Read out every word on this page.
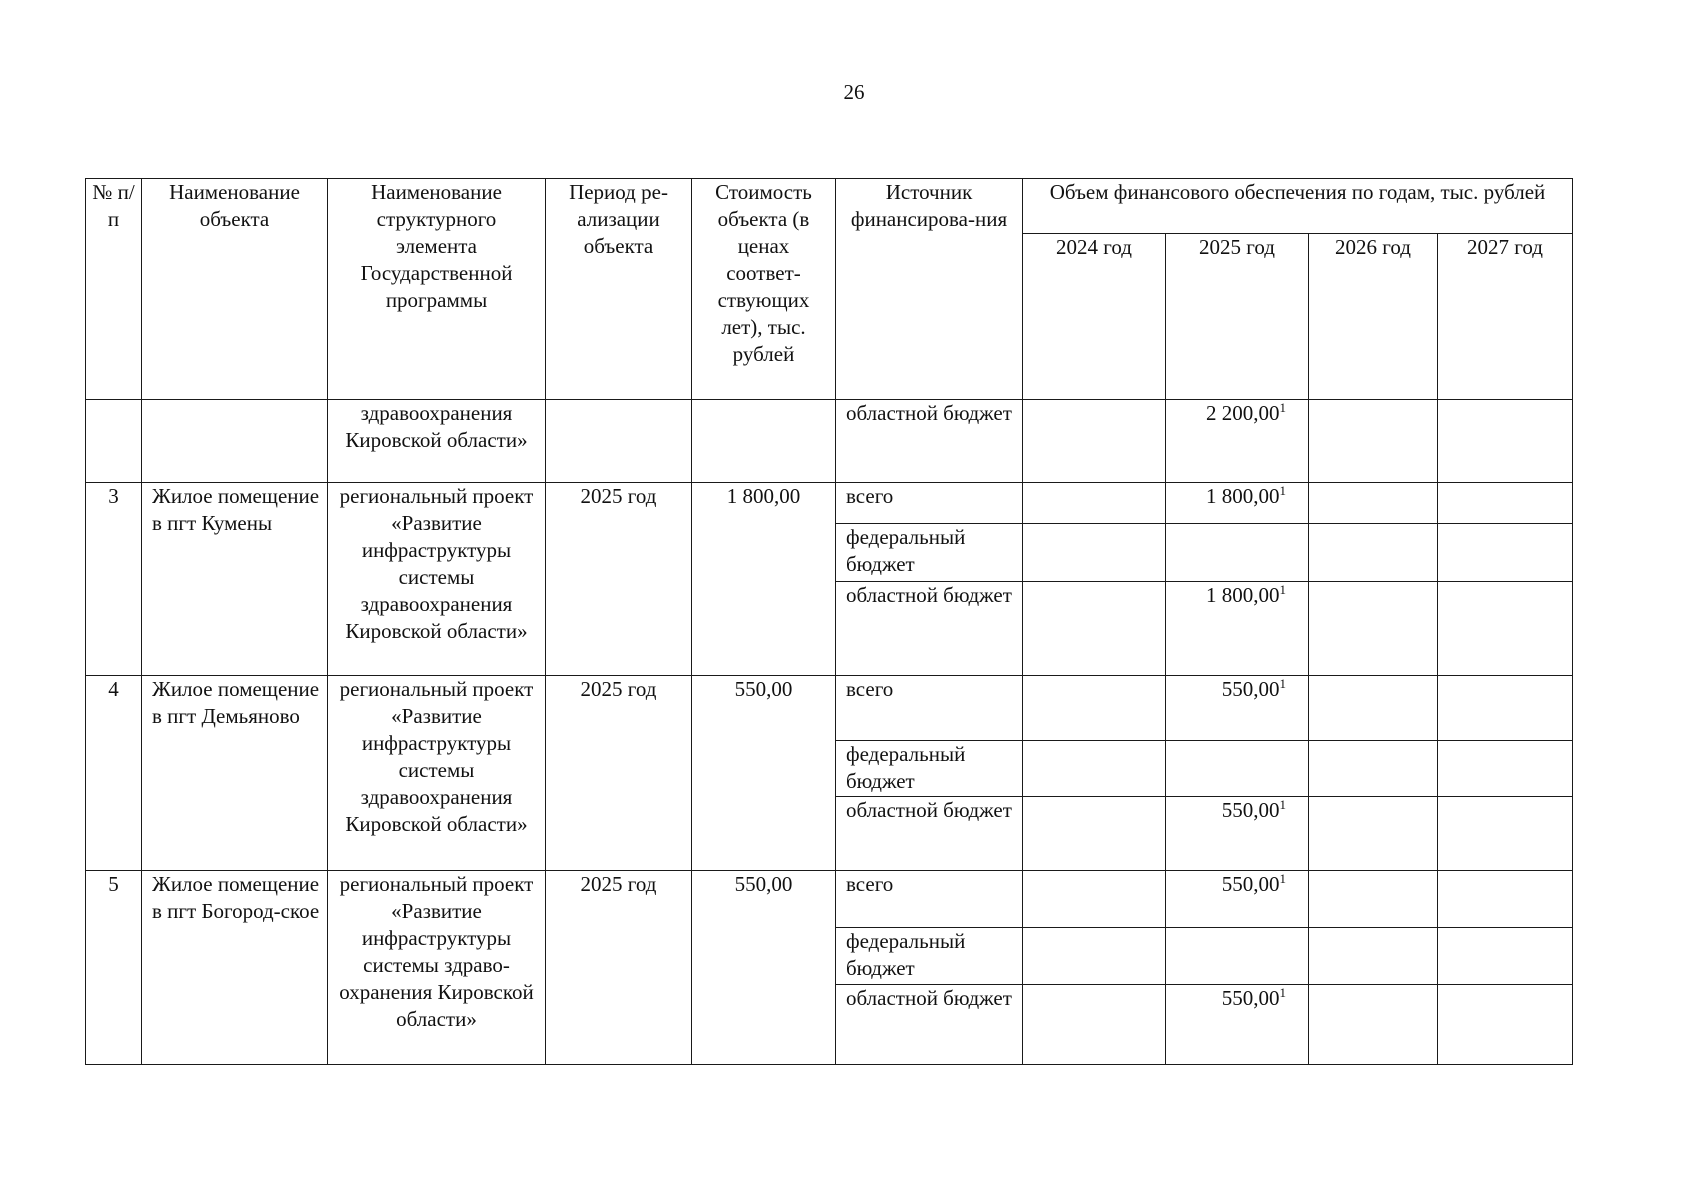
26
№ п/п	Наименование объекта	Наименование структурного элемента Государственной программы	Период ре-ализации объекта	Стоимость объекта (в ценах соответ-ствующих лет), тыс. рублей	Источник финансирова-ния	Объем финансового обеспечения по годам, тыс. рублей			
						2024 год	2025 год	2026 год	2027 год
		здравоохранения Кировской области»			областной бюджет		2 200,00$^1$		
3	Жилое помещение в пгт Кумены	региональный проект «Развитие инфраструктуры системы здравоохранения Кировской области»	2025 год	1 800,00	всего		1 800,00$^1$		
					федеральный бюджет				
					областной бюджет		1 800,00$^1$		
4	Жилое помещение в пгт Демьяново	региональный проект «Развитие инфраструктуры системы здравоохранения Кировской области»	2025 год	550,00	всего		550,00$^1$		
					федеральный бюджет				
					областной бюджет		550,00$^1$		
5	Жилое помещение в пгт Богород-ское	региональный проект «Развитие инфраструктуры системы здраво-охранения Кировской области»	2025 год	550,00	всего		550,00$^1$		
					федеральный бюджет				
					областной бюджет		550,00$^1$		
